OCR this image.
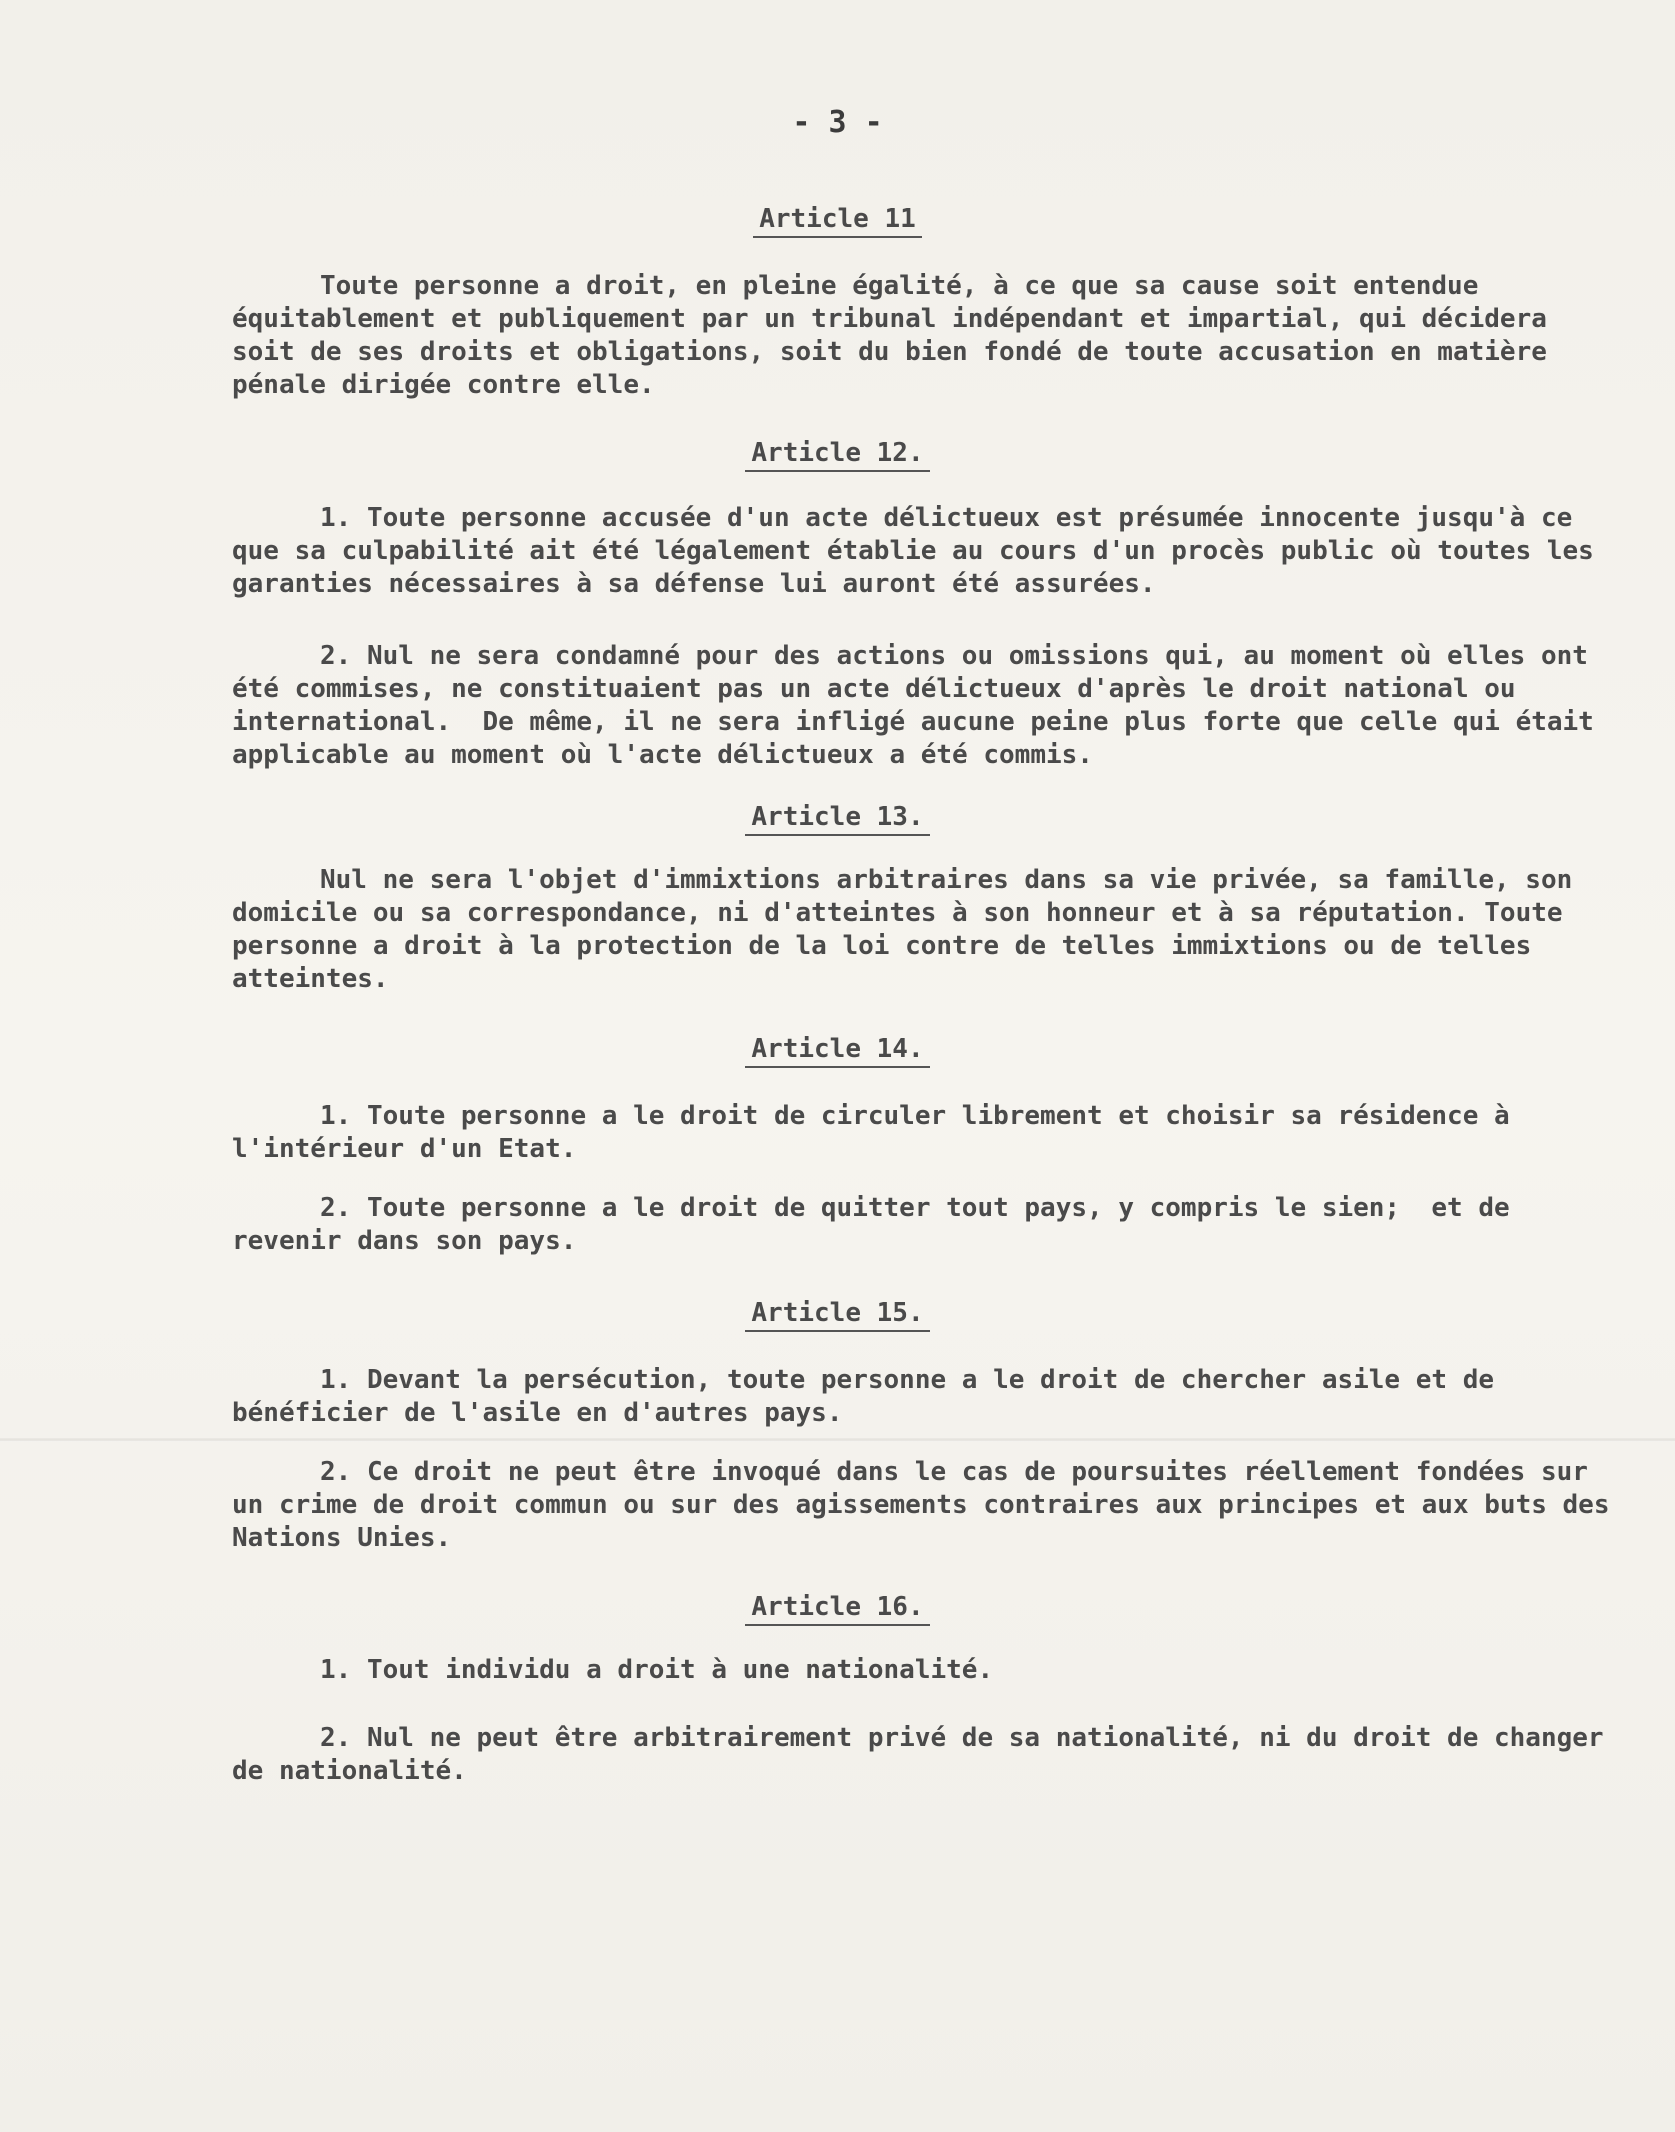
- 3 -
Article 11
Toute personne a droit, en pleine égalité, à ce que sa cause soit entendue équitablement et publiquement par un tribunal indépendant et impartial, qui décidera soit de ses droits et obligations, soit du bien fondé de toute accusation en matière pénale dirigée contre elle.
Article 12.
1. Toute personne accusée d'un acte délictueux est présumée innocente jusqu'à ce que sa culpabilité ait été légalement établie au cours d'un procès public où toutes les garanties nécessaires à sa défense lui auront été assurées.
2. Nul ne sera condamné pour des actions ou omissions qui, au moment où elles ont été commises, ne constituaient pas un acte délictueux d'après le droit national ou international.  De même, il ne sera infligé aucune peine plus forte que celle qui était applicable au moment où l'acte délictueux a été commis.
Article 13.
Nul ne sera l'objet d'immixtions arbitraires dans sa vie privée, sa famille, son domicile ou sa correspondance, ni d'atteintes à son honneur et à sa réputation. Toute personne a droit à la protection de la loi contre de telles immixtions ou de telles atteintes.
Article 14.
1. Toute personne a le droit de circuler librement et choisir sa résidence à l'intérieur d'un Etat.
2. Toute personne a le droit de quitter tout pays, y compris le sien;  et de revenir dans son pays.
Article 15.
1. Devant la persécution, toute personne a le droit de chercher asile et de bénéficier de l'asile en d'autres pays.
2. Ce droit ne peut être invoqué dans le cas de poursuites réellement fondées sur un crime de droit commun ou sur des agissements contraires aux principes et aux buts des Nations Unies.
Article 16.
1. Tout individu a droit à une nationalité.
2. Nul ne peut être arbitrairement privé de sa nationalité, ni du droit de changer de nationalité.
